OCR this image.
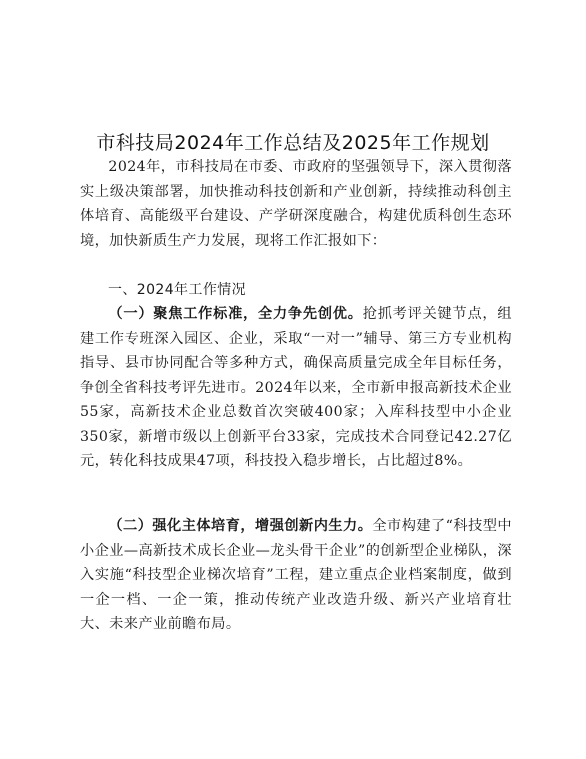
市科技局2024年工作总结及2025年工作规划
2024年，市科技局在市委、市政府的坚强领导下，深入贯彻落实上级决策部署，加快推动科技创新和产业创新，持续推动科创主体培育、高能级平台建设、产学研深度融合，构建优质科创生态环境，加快新质生产力发展，现将工作汇报如下：
一、2024年工作情况
（一）聚焦工作标准，全力争先创优。抢抓考评关键节点，组建工作专班深入园区、企业，采取“一对一”辅导、第三方专业机构指导、县市协同配合等多种方式，确保高质量完成全年目标任务，争创全省科技考评先进市。2024年以来，全市新申报高新技术企业55家，高新技术企业总数首次突破400家；入库科技型中小企业350家，新增市级以上创新平台33家，完成技术合同登记42.27亿元，转化科技成果47项，科技投入稳步增长，占比超过8%。
（二）强化主体培育，增强创新内生力。全市构建了“科技型中小企业—高新技术成长企业—龙头骨干企业”的创新型企业梯队，深入实施“科技型企业梯次培育”工程，建立重点企业档案制度，做到一企一档、一企一策，推动传统产业改造升级、新兴产业培育壮大、未来产业前瞻布局。
